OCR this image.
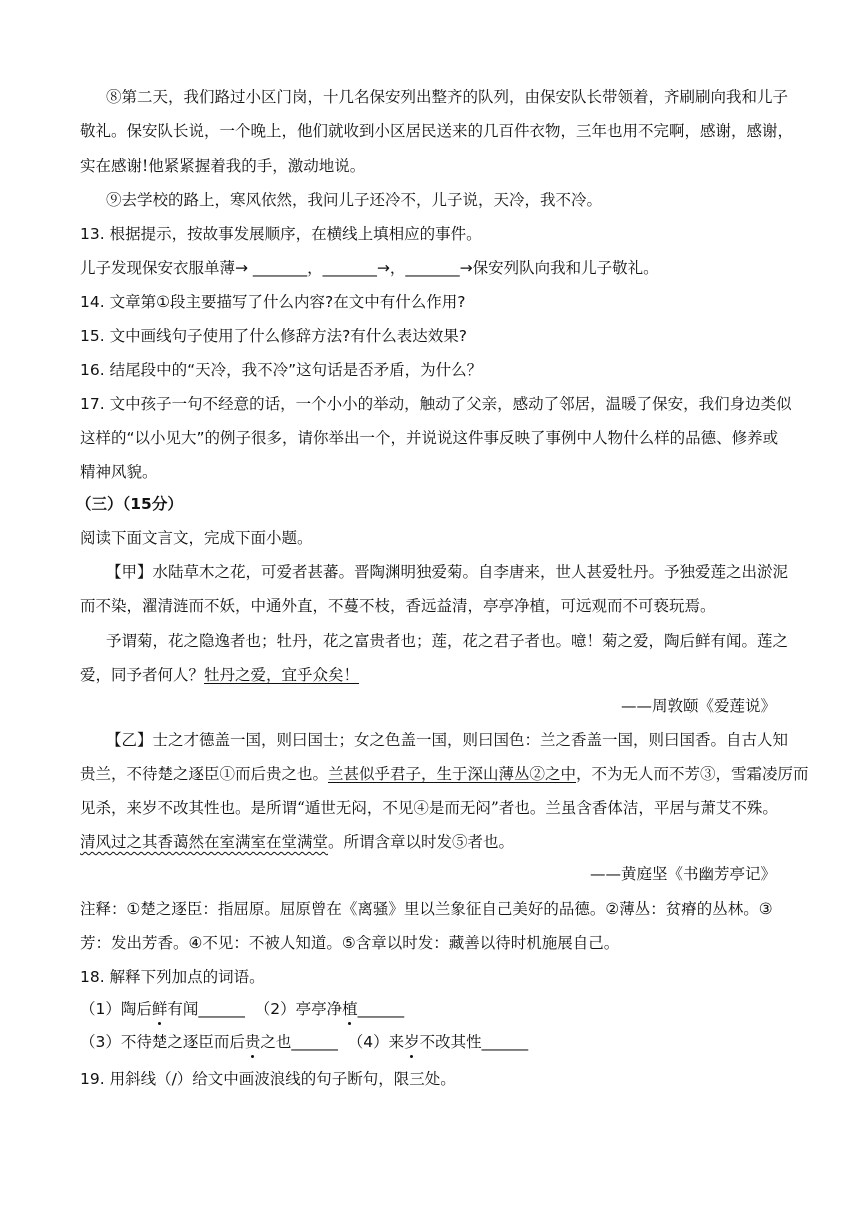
⑧第二天，我们路过小区门岗，十几名保安列出整齐的队列，由保安队长带领着，齐刷刷向我和儿子
敬礼。保安队长说，一个晚上，他们就收到小区居民送来的几百件衣物，三年也用不完啊，感谢，感谢，
实在感谢!他紧紧握着我的手，激动地说。
⑨去学校的路上，寒风依然，我问儿子还冷不，儿子说，天冷，我不冷。
13. 根据提示，按故事发展顺序，在横线上填相应的事件。
儿子发现保安衣服单薄→ _______，_______→，_______→保安列队向我和儿子敬礼。
14. 文章第①段主要描写了什么内容?在文中有什么作用?
15. 文中画线句子使用了什么修辞方法?有什么表达效果?
16. 结尾段中的“天冷，我不冷”这句话是否矛盾，为什么？
17. 文中孩子一句不经意的话，一个小小的举动，触动了父亲，感动了邻居，温暖了保安，我们身边类似
这样的“以小见大”的例子很多，请你举出一个，并说说这件事反映了事例中人物什么样的品德、修养或
精神风貌。
（三）（15分）
阅读下面文言文，完成下面小题。
【甲】水陆草木之花，可爱者甚蕃。晋陶渊明独爱菊。自李唐来，世人甚爱牡丹。予独爱莲之出淤泥
而不染，濯清涟而不妖，中通外直，不蔓不枝，香远益清，亭亭净植，可远观而不可亵玩焉。
予谓菊，花之隐逸者也；牡丹，花之富贵者也；莲，花之君子者也。噫！菊之爱，陶后鲜有闻。莲之
爱，同予者何人？牡丹之爱，宜乎众矣！
——周敦颐《爱莲说》
【乙】士之才德盖一国，则曰国士；女之色盖一国，则曰国色：兰之香盖一国，则曰国香。自古人知
贵兰，不待楚之逐臣①而后贵之也。兰甚似乎君子，生于深山薄丛②之中，不为无人而不芳③，雪霜凌厉而
见杀，来岁不改其性也。是所谓“遁世无闷，不见④是而无闷”者也。兰虽含香体洁，平居与萧艾不殊。
清风过之其香蔼然在室满室在堂满堂。所谓含章以时发⑤者也。
——黄庭坚《书幽芳亭记》
注释：①楚之逐臣：指屈原。屈原曾在《离骚》里以兰象征自己美好的品德。②薄丛：贫瘠的丛林。③
芳：发出芳香。④不见：不被人知道。⑤含章以时发：藏善以待时机施展自己。
18. 解释下列加点的词语。
（1）陶后鲜有闻______ （2）亭亭净植______
（3）不待楚之逐臣而后贵之也______ （4）来岁不改其性______
19. 用斜线（/）给文中画波浪线的句子断句，限三处。
